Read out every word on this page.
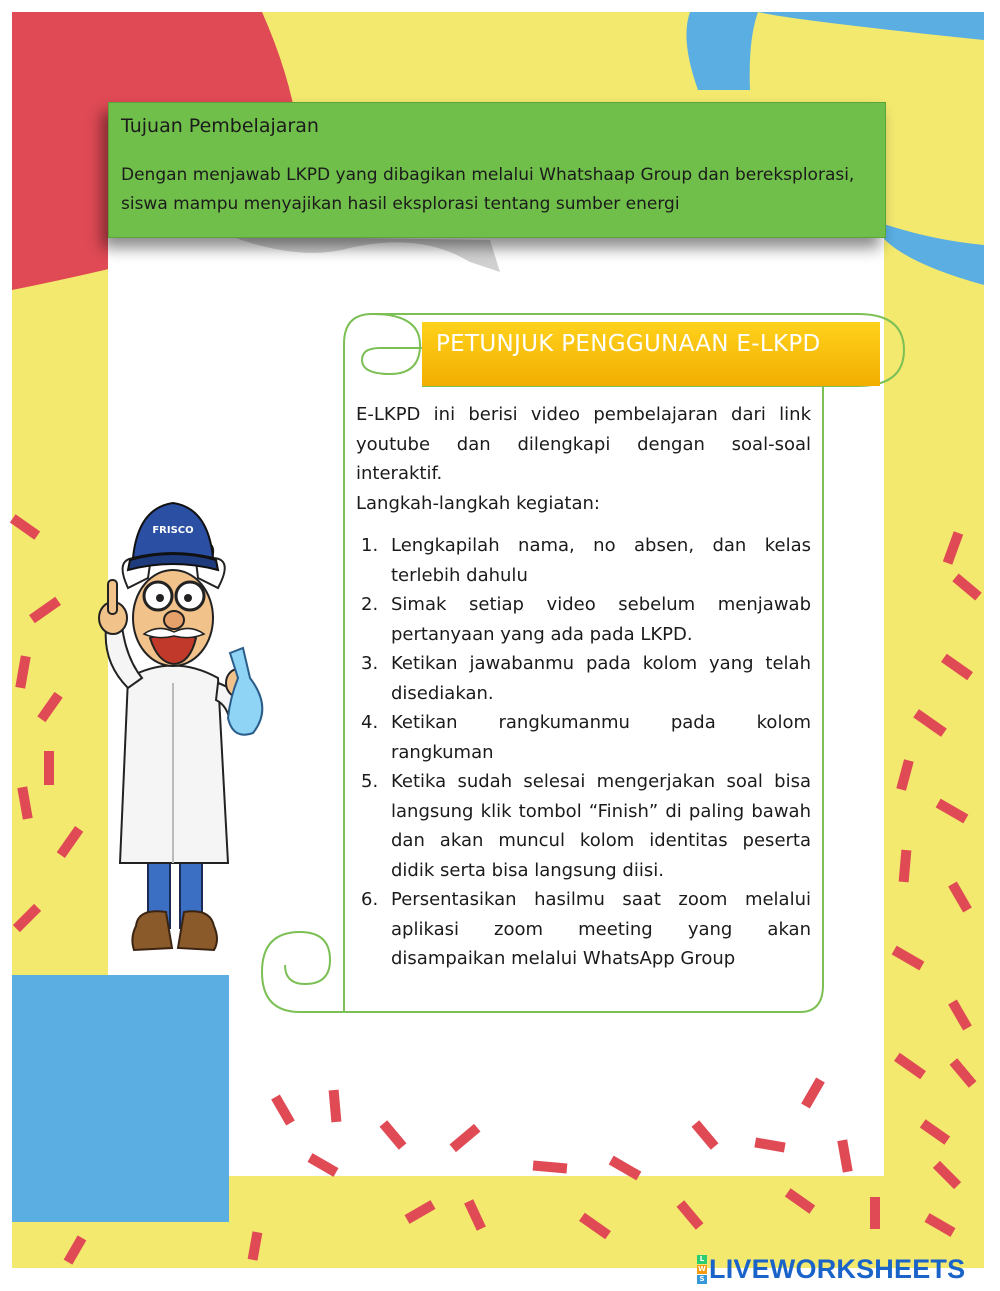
FRISCO
Tujuan Pembelajaran
Dengan menjawab LKPD yang dibagikan melalui Whatshaap Group dan bereksplorasi, siswa mampu menyajikan hasil eksplorasi tentang sumber energi
PETUNJUK PENGGUNAAN E-LKPD

E-LKPD ini berisi video pembelajaran dari link youtube dan dilengkapi dengan soal-soal interaktif.

Langkah-langkah kegiatan:

1. Lengkapilah nama, no absen, dan kelas terlebih dahulu
2. Simak setiap video sebelum menjawab pertanyaan yang ada pada LKPD.
3. Ketikan jawabanmu pada kolom yang telah disediakan.
4. Ketikan rangkumanmu pada kolom rangkuman
5. Ketika sudah selesai mengerjakan soal bisa langsung klik tombol “Finish” di paling bawah dan akan muncul kolom identitas peserta didik serta bisa langsung diisi.
6. Persentasikan hasilmu saat zoom melalui aplikasi zoom meeting yang akan disampaikan melalui WhatsApp Group
L
W
S LIVEWORKSHEETS
